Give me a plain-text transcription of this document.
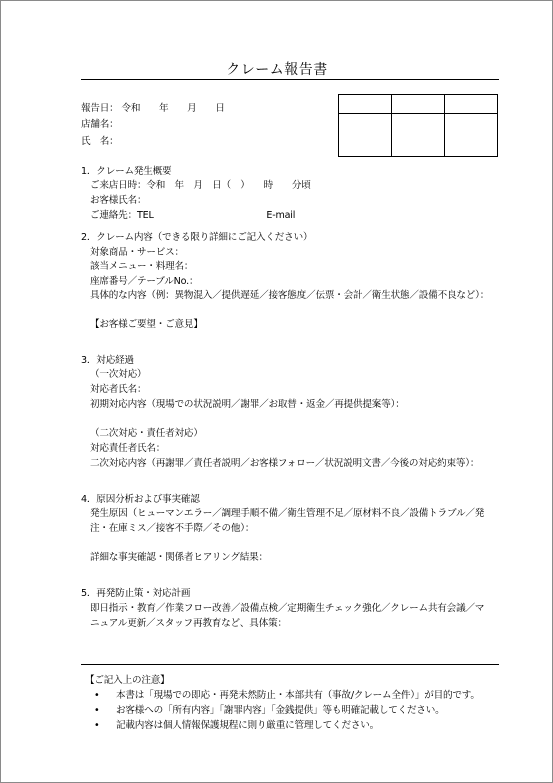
クレーム報告書

報告日： 令和　　年　　月　　日
店舗名：
氏　名：
1．クレーム発生概要
ご来店日時：令和　年　月　日（　）　　時　　分頃
お客様氏名：
ご連絡先：TEL　　　　　　　　　　　　E-mail
2．クレーム内容（できる限り詳細にご記入ください）
対象商品・サービス：
該当メニュー・料理名：
座席番号／テーブルNo.：
具体的な内容（例：異物混入／提供遅延／接客態度／伝票・会計／衛生状態／設備不良など）：
【お客様ご要望・ご意見】
3．対応経過
（一次対応）
対応者氏名：
初期対応内容（現場での状況説明／謝罪／お取替・返金／再提供提案等）：
（二次対応・責任者対応）
対応責任者氏名：
二次対応内容（再謝罪／責任者説明／お客様フォロー／状況説明文書／今後の対応約束等）：
4．原因分析および事実確認
発生原因（ヒューマンエラー／調理手順不備／衛生管理不足／原材料不良／設備トラブル／発
注・在庫ミス／接客不手際／その他）：
詳細な事実確認・関係者ヒアリング結果：
5．再発防止策・対応計画
即日指示・教育／作業フロー改善／設備点検／定期衛生チェック強化／クレーム共有会議／マ
ニュアル更新／スタッフ再教育など、具体策：
【ご記入上の注意】
• 本書は「現場での即応・再発未然防止・本部共有（事故/クレーム全件）」が目的です。
• お客様への「所有内容」「謝罪内容」「金銭提供」等も明確記載してください。
• 記載内容は個人情報保護規程に則り厳重に管理してください。
